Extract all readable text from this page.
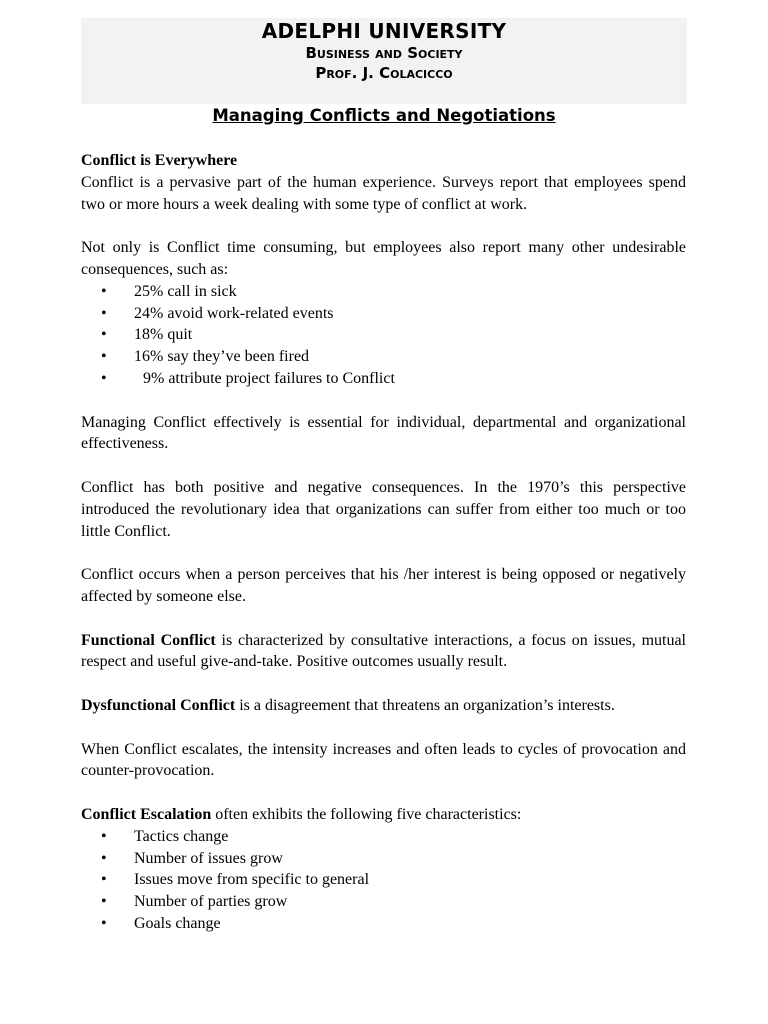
ADELPHI UNIVERSITY
Business and Society
Prof. J. Colacicco
Managing Conflicts and Negotiations

Conflict is Everywhere

Conflict is a pervasive part of the human experience. Surveys report that employees spend two or more hours a week dealing with some type of conflict at work.

Not only is Conflict time consuming, but employees also report many other undesirable consequences, such as:

• 25% call in sick
• 24% avoid work-related events
• 18% quit
• 16% say they’ve been fired
• 9% attribute project failures to Conflict

Managing Conflict effectively is essential for individual, departmental and organizational effectiveness.

Conflict has both positive and negative consequences. In the 1970’s this perspective introduced the revolutionary idea that organizations can suffer from either too much or too little Conflict.

Conflict occurs when a person perceives that his /her interest is being opposed or negatively affected by someone else.

Functional Conflict is characterized by consultative interactions, a focus on issues, mutual respect and useful give-and-take. Positive outcomes usually result.

Dysfunctional Conflict is a disagreement that threatens an organization’s interests.

When Conflict escalates, the intensity increases and often leads to cycles of provocation and counter-provocation.

Conflict Escalation often exhibits the following five characteristics:

• Tactics change
• Number of issues grow
• Issues move from specific to general
• Number of parties grow
• Goals change
